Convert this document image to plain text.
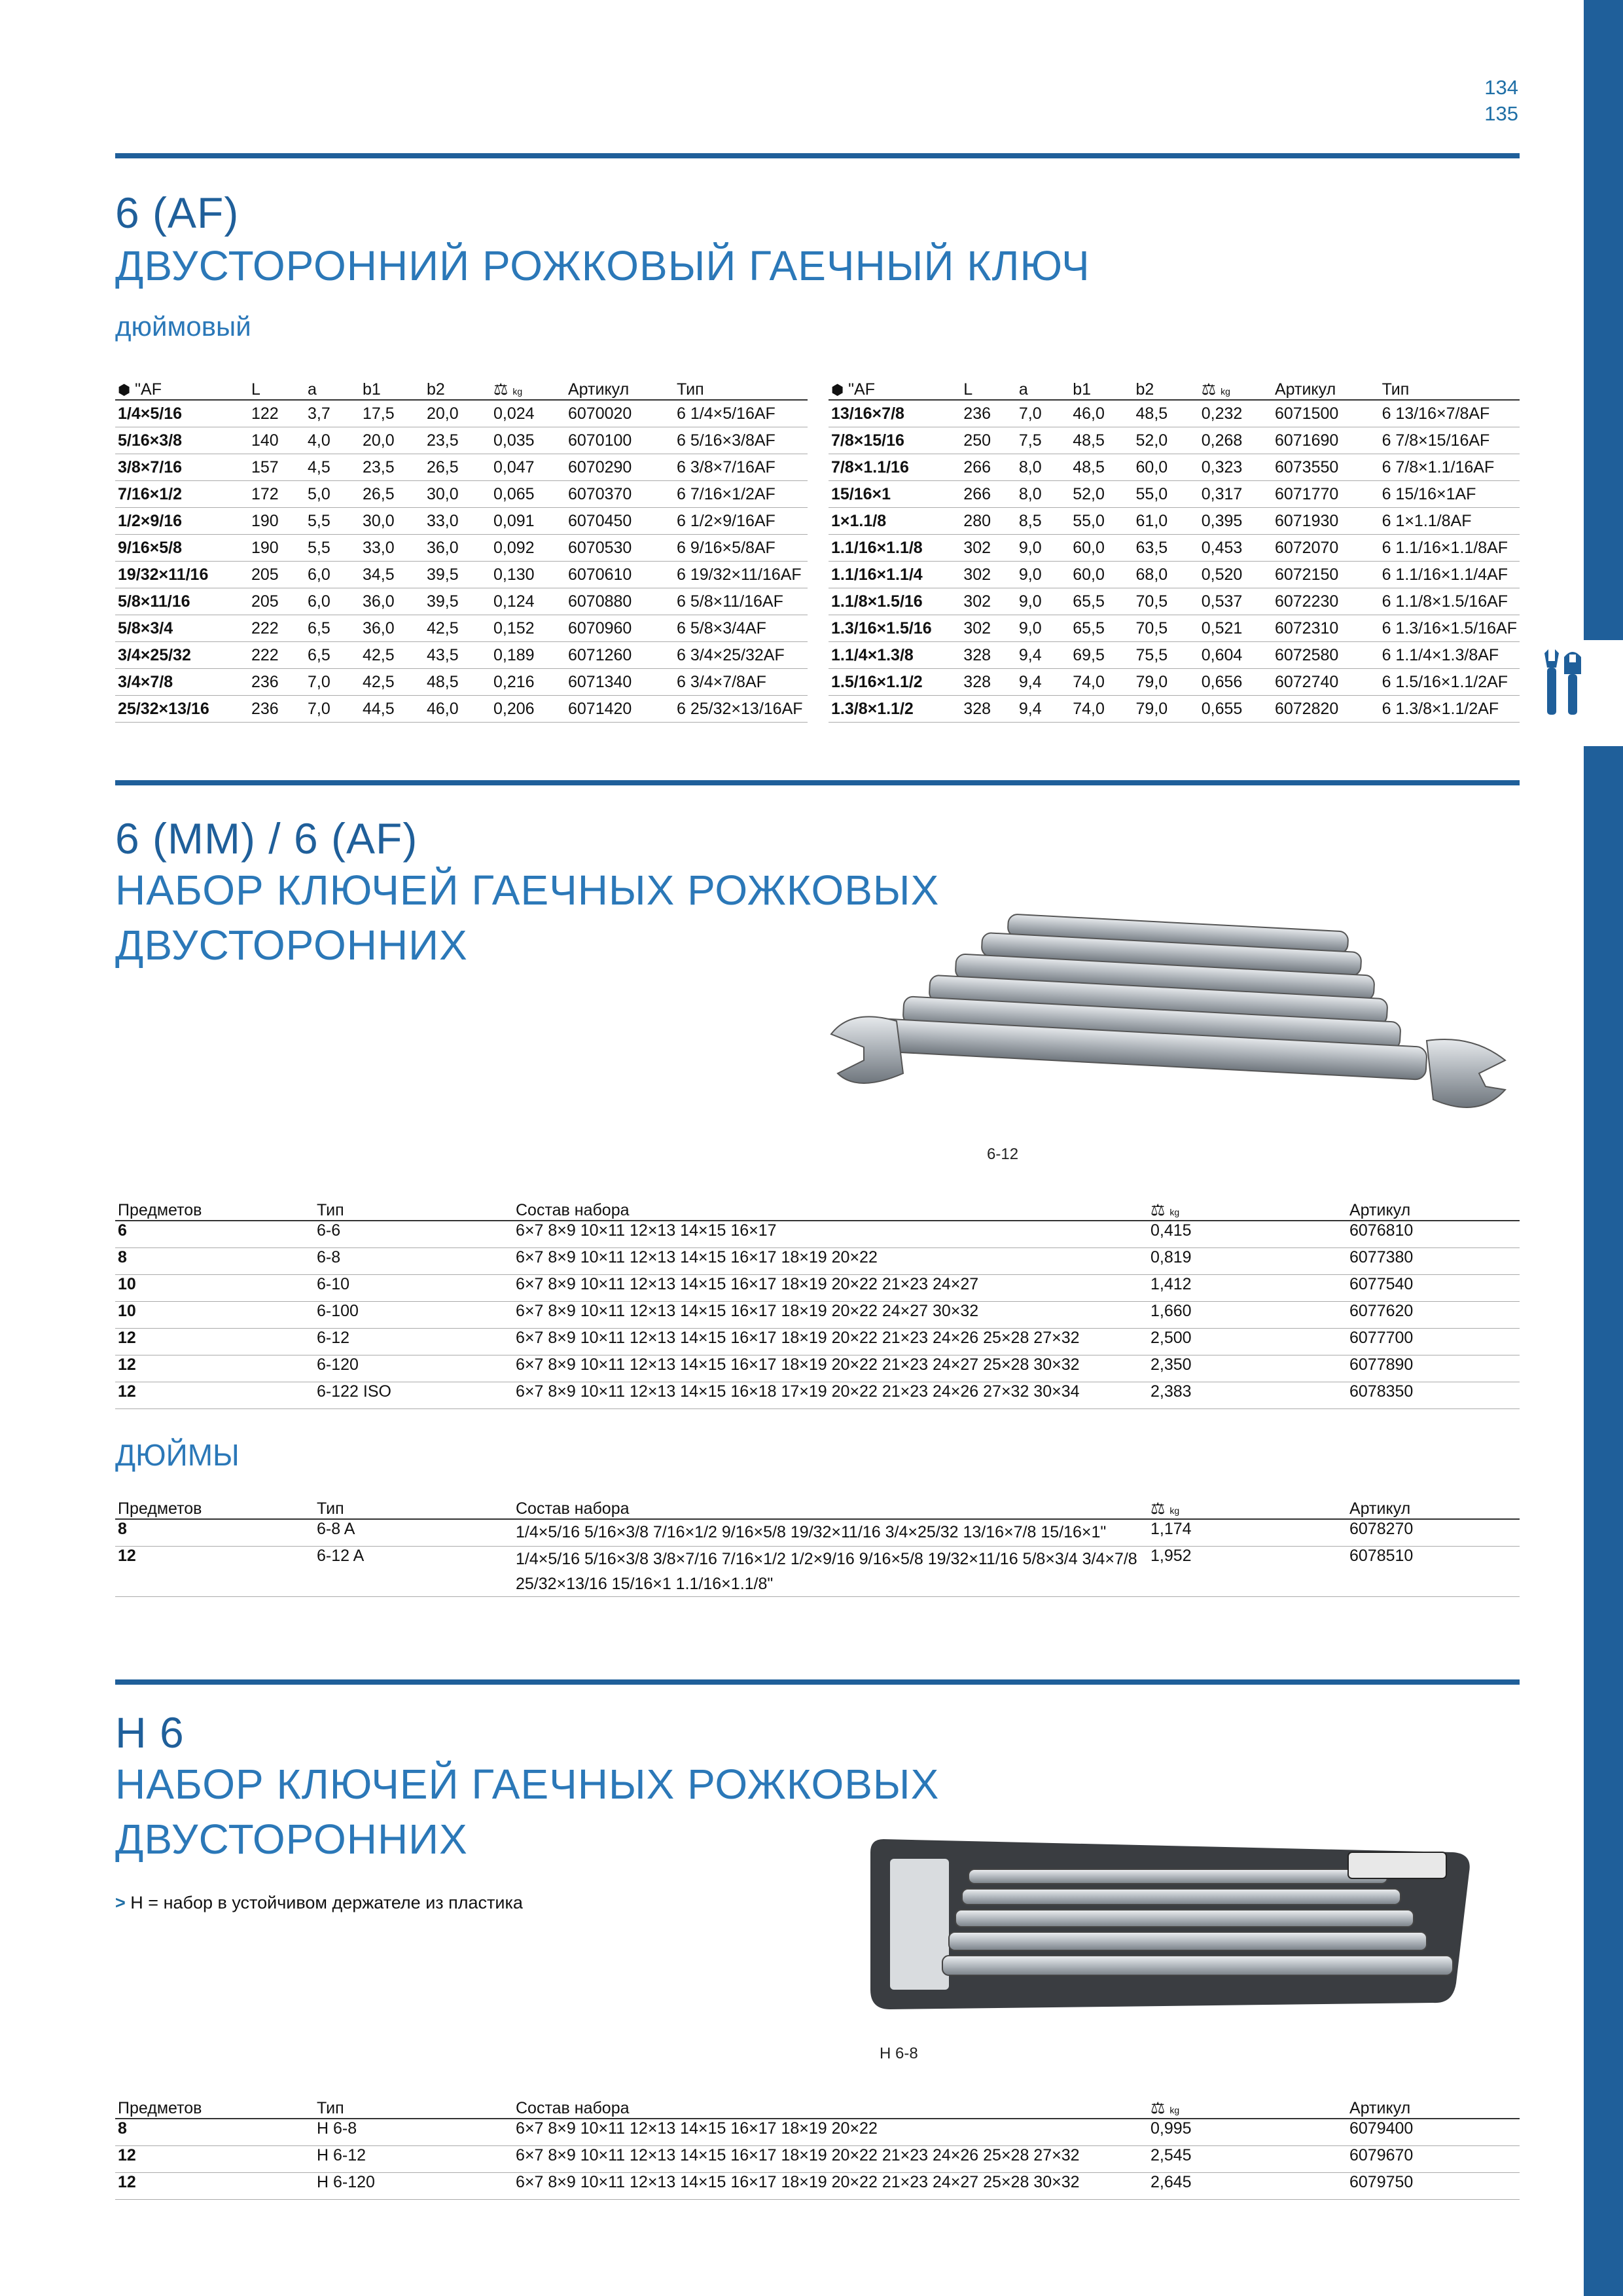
134
135
6 (AF)
ДВУСТОРОННИЙ РОЖКОВЫЙ ГАЕЧНЫЙ КЛЮЧ
дюймовый
⬢ "AF	L	a	b1	b2	⚖ kg	Артикул	Тип
1/4×5/16	122	3,7	17,5	20,0	0,024	6070020	6 1/4×5/16AF
5/16×3/8	140	4,0	20,0	23,5	0,035	6070100	6 5/16×3/8AF
3/8×7/16	157	4,5	23,5	26,5	0,047	6070290	6 3/8×7/16AF
7/16×1/2	172	5,0	26,5	30,0	0,065	6070370	6 7/16×1/2AF
1/2×9/16	190	5,5	30,0	33,0	0,091	6070450	6 1/2×9/16AF
9/16×5/8	190	5,5	33,0	36,0	0,092	6070530	6 9/16×5/8AF
19/32×11/16	205	6,0	34,5	39,5	0,130	6070610	6 19/32×11/16AF
5/8×11/16	205	6,0	36,0	39,5	0,124	6070880	6 5/8×11/16AF
5/8×3/4	222	6,5	36,0	42,5	0,152	6070960	6 5/8×3/4AF
3/4×25/32	222	6,5	42,5	43,5	0,189	6071260	6 3/4×25/32AF
3/4×7/8	236	7,0	42,5	48,5	0,216	6071340	6 3/4×7/8AF
25/32×13/16	236	7,0	44,5	46,0	0,206	6071420	6 25/32×13/16AF
⬢ "AF	L	a	b1	b2	⚖ kg	Артикул	Тип
13/16×7/8	236	7,0	46,0	48,5	0,232	6071500	6 13/16×7/8AF
7/8×15/16	250	7,5	48,5	52,0	0,268	6071690	6 7/8×15/16AF
7/8×1.1/16	266	8,0	48,5	60,0	0,323	6073550	6 7/8×1.1/16AF
15/16×1	266	8,0	52,0	55,0	0,317	6071770	6 15/16×1AF
1×1.1/8	280	8,5	55,0	61,0	0,395	6071930	6 1×1.1/8AF
1.1/16×1.1/8	302	9,0	60,0	63,5	0,453	6072070	6 1.1/16×1.1/8AF
1.1/16×1.1/4	302	9,0	60,0	68,0	0,520	6072150	6 1.1/16×1.1/4AF
1.1/8×1.5/16	302	9,0	65,5	70,5	0,537	6072230	6 1.1/8×1.5/16AF
1.3/16×1.5/16	302	9,0	65,5	70,5	0,521	6072310	6 1.3/16×1.5/16AF
1.1/4×1.3/8	328	9,4	69,5	75,5	0,604	6072580	6 1.1/4×1.3/8AF
1.5/16×1.1/2	328	9,4	74,0	79,0	0,656	6072740	6 1.5/16×1.1/2AF
1.3/8×1.1/2	328	9,4	74,0	79,0	0,655	6072820	6 1.3/8×1.1/2AF
6 (MM) / 6 (AF)
НАБОР КЛЮЧЕЙ ГАЕЧНЫХ РОЖКОВЫХ
ДВУСТОРОННИХ
6-12
Предметов	Тип	Состав набора	⚖ kg	Артикул
6	6-6	6×7 8×9 10×11 12×13 14×15 16×17	0,415	6076810
8	6-8	6×7 8×9 10×11 12×13 14×15 16×17 18×19 20×22	0,819	6077380
10	6-10	6×7 8×9 10×11 12×13 14×15 16×17 18×19 20×22 21×23 24×27	1,412	6077540
10	6-100	6×7 8×9 10×11 12×13 14×15 16×17 18×19 20×22 24×27 30×32	1,660	6077620
12	6-12	6×7 8×9 10×11 12×13 14×15 16×17 18×19 20×22 21×23 24×26 25×28 27×32	2,500	6077700
12	6-120	6×7 8×9 10×11 12×13 14×15 16×17 18×19 20×22 21×23 24×27 25×28 30×32	2,350	6077890
12	6-122 ISO	6×7 8×9 10×11 12×13 14×15 16×18 17×19 20×22 21×23 24×26 27×32 30×34	2,383	6078350
ДЮЙМЫ
Предметов	Тип	Состав набора	⚖ kg	Артикул
8	6-8 A	1/4×5/16 5/16×3/8 7/16×1/2 9/16×5/8 19/32×11/16 3/4×25/32 13/16×7/8 15/16×1"	1,174	6078270
12	6-12 A	1/4×5/16 5/16×3/8 3/8×7/16 7/16×1/2 1/2×9/16 9/16×5/8 19/32×11/16 5/8×3/4 3/4×7/8 25/32×13/16 15/16×1 1.1/16×1.1/8"	1,952	6078510
H 6
НАБОР КЛЮЧЕЙ ГАЕЧНЫХ РОЖКОВЫХ
ДВУСТОРОННИХ
> H = набор в устойчивом держателе из пластика
H 6-8
Предметов	Тип	Состав набора	⚖ kg	Артикул
8	H 6-8	6×7 8×9 10×11 12×13 14×15 16×17 18×19 20×22	0,995	6079400
12	H 6-12	6×7 8×9 10×11 12×13 14×15 16×17 18×19 20×22 21×23 24×26 25×28 27×32	2,545	6079670
12	H 6-120	6×7 8×9 10×11 12×13 14×15 16×17 18×19 20×22 21×23 24×27 25×28 30×32	2,645	6079750
